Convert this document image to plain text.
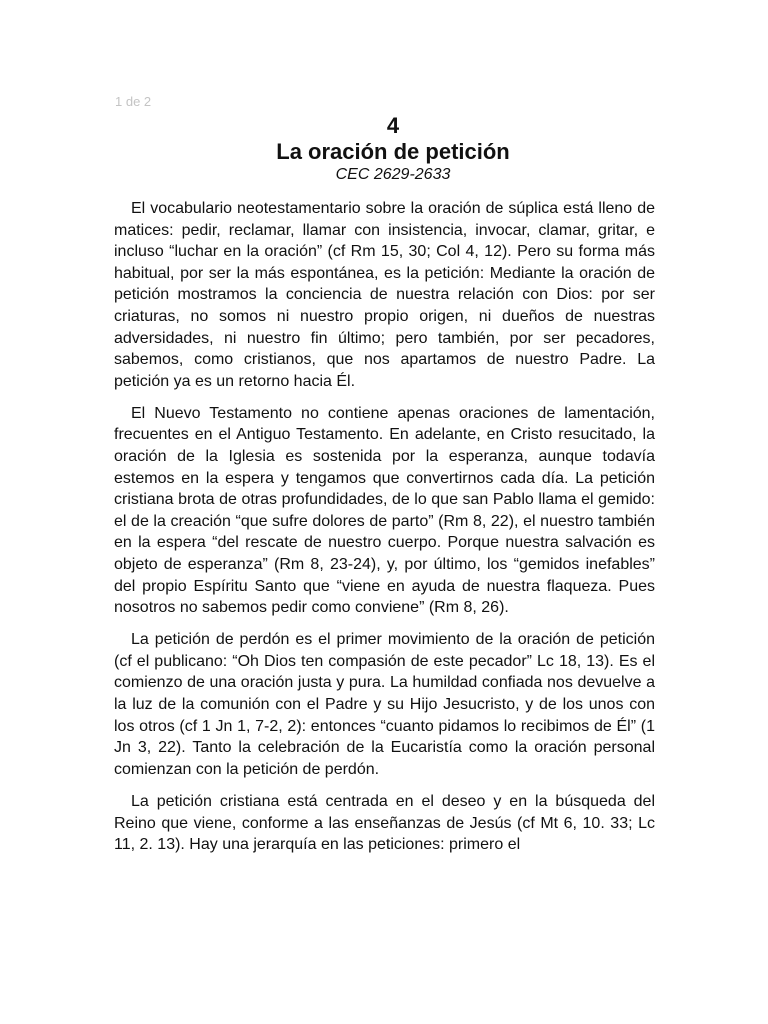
1 de 2
4
La oración de petición
CEC 2629-2633

El vocabulario neotestamentario sobre la oración de súplica está lleno de matices: pedir, reclamar, llamar con insistencia, invocar, clamar, gritar, e incluso “luchar en la oración” (cf Rm 15, 30; Col 4, 12). Pero su forma más habitual, por ser la más espontánea, es la petición: Mediante la oración de petición mostramos la conciencia de nuestra relación con Dios: por ser criaturas, no somos ni nuestro propio origen, ni dueños de nuestras adversidades, ni nuestro fin último; pero también, por ser pecadores, sabemos, como cristianos, que nos apartamos de nuestro Padre. La petición ya es un retorno hacia Él.

El Nuevo Testamento no contiene apenas oraciones de lamentación, frecuentes en el Antiguo Testamento. En adelante, en Cristo resucitado, la oración de la Iglesia es sostenida por la esperanza, aunque todavía estemos en la espera y tengamos que convertirnos cada día. La petición cristiana brota de otras profundidades, de lo que san Pablo llama el gemido: el de la creación “que sufre dolores de parto” (Rm 8, 22), el nuestro también en la espera “del rescate de nuestro cuerpo. Porque nuestra salvación es objeto de esperanza” (Rm 8, 23-24), y, por último, los “gemidos inefables” del propio Espíritu Santo que “viene en ayuda de nuestra flaqueza. Pues nosotros no sabemos pedir como conviene” (Rm 8, 26).

La petición de perdón es el primer movimiento de la oración de petición (cf el publicano: “Oh Dios ten compasión de este pecador” Lc 18, 13). Es el comienzo de una oración justa y pura. La humildad confiada nos devuelve a la luz de la comunión con el Padre y su Hijo Jesucristo, y de los unos con los otros (cf 1 Jn 1, 7-2, 2): entonces “cuanto pidamos lo recibimos de Él” (1 Jn 3, 22). Tanto la celebración de la Eucaristía como la oración personal comienzan con la petición de perdón.

La petición cristiana está centrada en el deseo y en la búsqueda del Reino que viene, conforme a las enseñanzas de Jesús (cf Mt 6, 10. 33; Lc 11, 2. 13). Hay una jerarquía en las peticiones: primero el
